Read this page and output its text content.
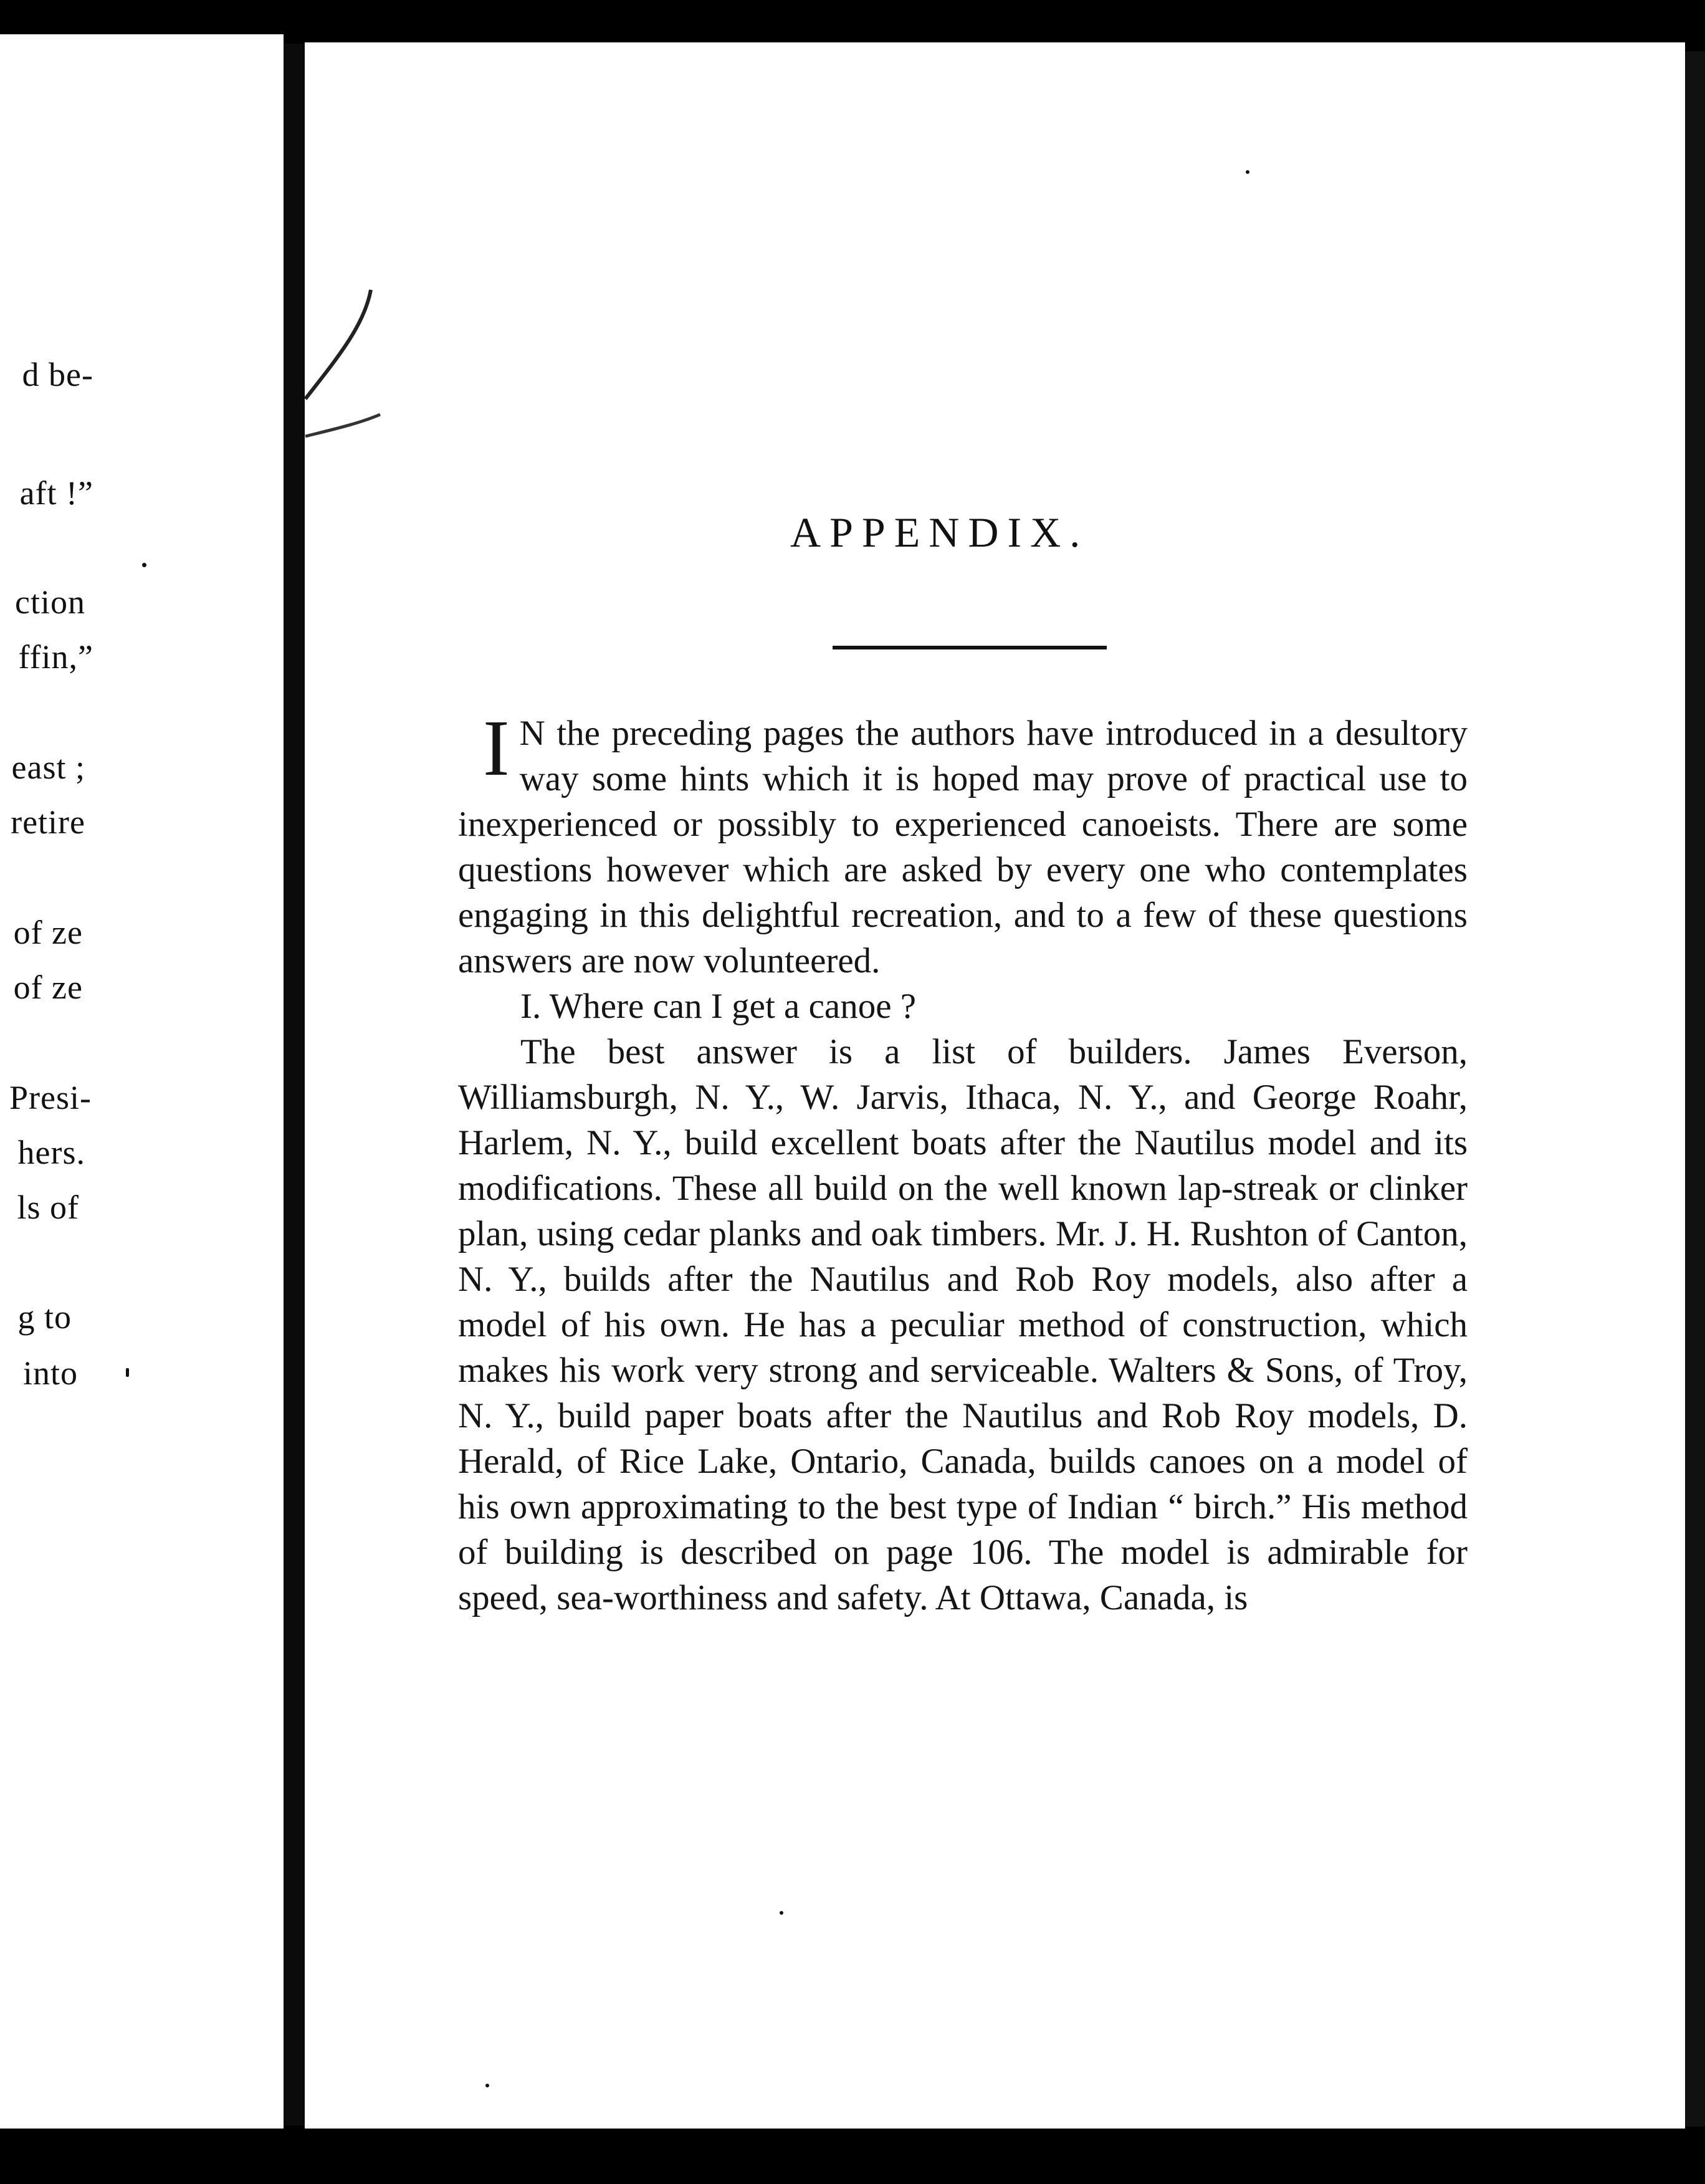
d be-
aft !”
ction
ffin,”
east ;
retire
of ze
of ze
Presi-
hers.
ls of
g to
into
APPENDIX.

I N the preceding pages the authors have introduced in a desultory way some hints which it is hoped may prove of practical use to inexperienced or possibly to experienced canoeists. There are some questions however which are asked by every one who contemplates engaging in this delightful recreation, and to a few of these questions answers are now volunteered.

I. Where can I get a canoe ?

The best answer is a list of builders. James Everson, Williamsburgh, N. Y., W. Jarvis, Ithaca, N. Y., and George Roahr, Harlem, N. Y., build excellent boats after the Nautilus model and its modifications. These all build on the well known lap-streak or clinker plan, using cedar planks and oak timbers. Mr. J. H. Rushton of Canton, N. Y., builds after the Nautilus and Rob Roy models, also after a model of his own. He has a peculiar method of construction, which makes his work very strong and serviceable. Walters & Sons, of Troy, N. Y., build paper boats after the Nautilus and Rob Roy models, D. Herald, of Rice Lake, Ontario, Canada, builds canoes on a model of his own approximating to the best type of Indian “ birch.” His method of building is described on page 106. The model is admirable for speed, sea-worthiness and safety. At Ottawa, Canada, is
